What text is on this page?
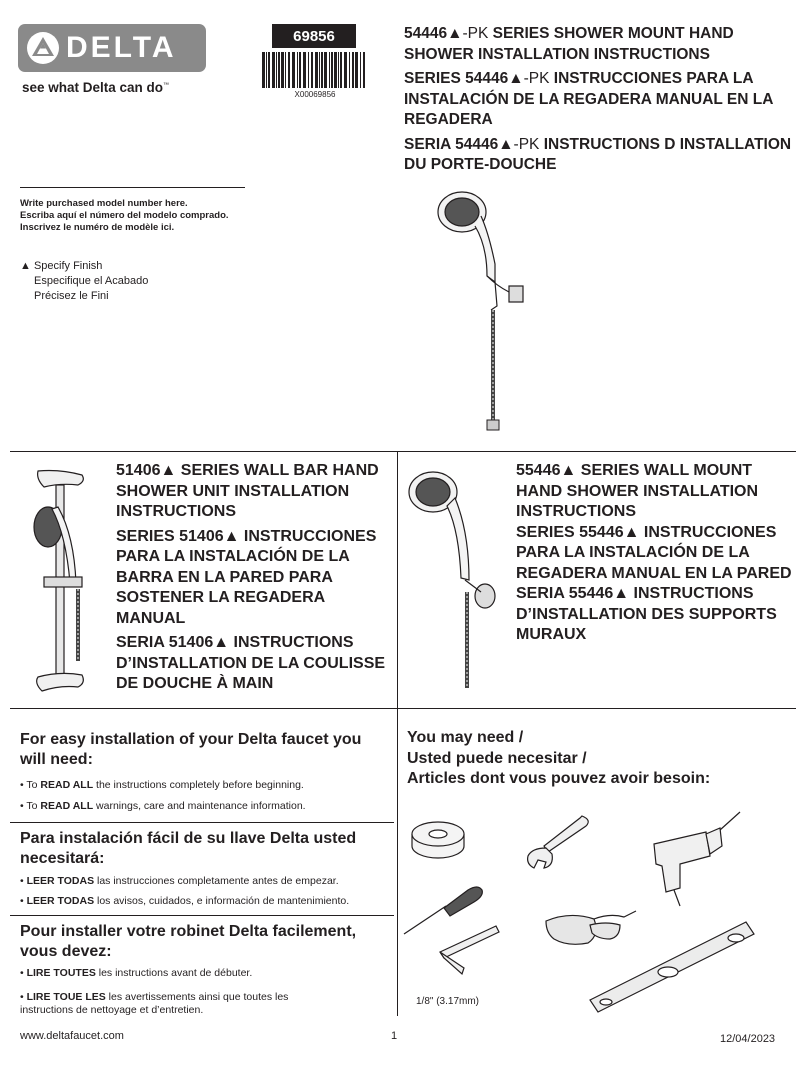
DELTA
see what Delta can do™
69856
X00069856

54446▲-PK SERIES SHOWER MOUNT HAND SHOWER INSTALLATION INSTRUCTIONS

SERIES 54446▲-PK INSTRUCCIONES PARA LA INSTALACIÓN DE LA REGADERA MANUAL EN LA REGADERA

SERIA 54446▲-PK INSTRUCTIONS D INSTALLATION DU PORTE-DOUCHE

Write purchased model number here.
Escriba aquí el número del modelo comprado.
Inscrivez le numéro de modèle ici.
▲ Specify Finish
Especifique el Acabado
Précisez le Fini

51406▲ SERIES WALL BAR HAND SHOWER UNIT INSTALLATION INSTRUCTIONS

SERIES 51406▲ INSTRUCCIONES PARA LA INSTALACIÓN DE LA BARRA EN LA PARED PARA SOSTENER LA REGADERA MANUAL

SERIA 51406▲ INSTRUCTIONS D’INSTALLATION DE LA COULISSE DE DOUCHE À MAIN

55446▲ SERIES WALL MOUNT HAND SHOWER INSTALLATION INSTRUCTIONS

SERIES 55446▲ INSTRUCCIONES PARA LA INSTALACIÓN DE LA REGADERA MANUAL EN LA PARED

SERIA 55446▲ INSTRUCTIONS D’INSTALLATION DES SUPPORTS MURAUX

For easy installation of your Delta faucet you will need:
• To READ ALL the instructions completely before beginning.
• To READ ALL warnings, care and maintenance information.
Para instalación fácil de su llave Delta usted necesitará:
• LEER TODAS las instrucciones completamente antes de empezar.
• LEER TODAS los avisos, cuidados, e información de mantenimiento.
Pour installer votre robinet Delta facilement, vous devez:
• LIRE TOUTES les instructions avant de débuter.
• LIRE TOUE LES les avertissements ainsi que toutes les instructions de nettoyage et d’entretien.
You may need /
Usted puede necesitar /
Articles dont vous pouvez avoir besoin:
1/8" (3.17mm)
www.deltafaucet.com	1	12/04/2023
